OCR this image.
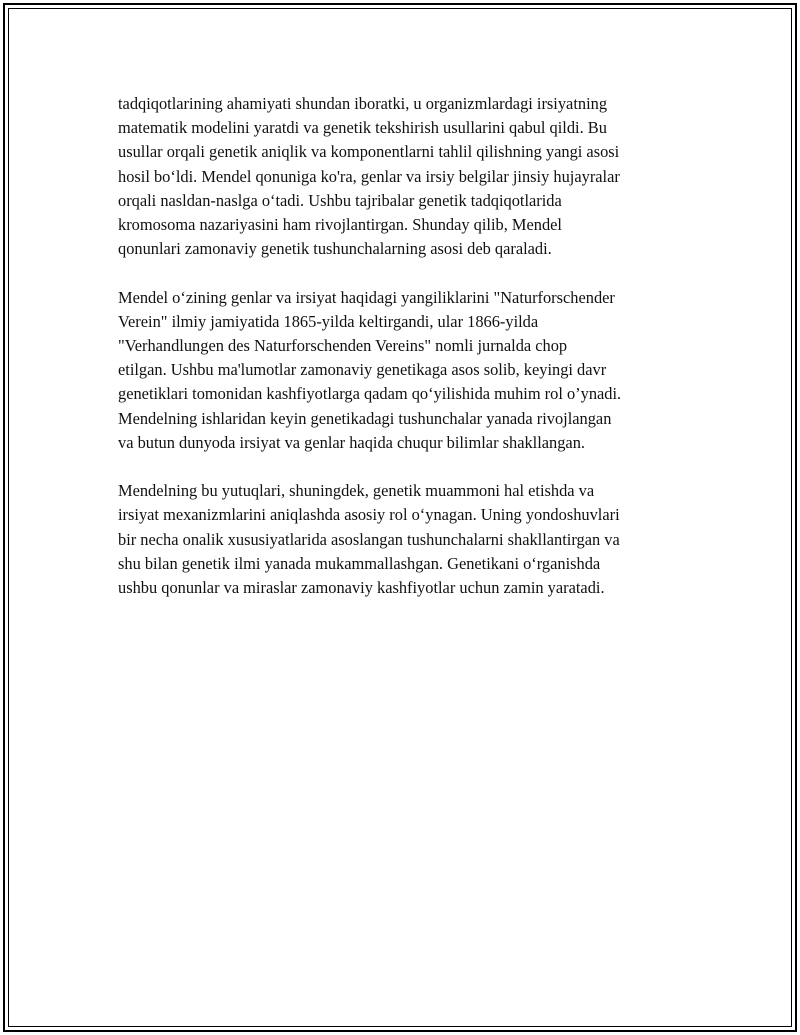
tadqiqotlarining ahamiyati shundan iboratki, u organizmlardagi irsiyatning
matematik modelini yaratdi va genetik tekshirish usullarini qabul qildi. Bu
usullar orqali genetik aniqlik va komponentlarni tahlil qilishning yangi asosi
hosil bo‘ldi. Mendel qonuniga ko'ra, genlar va irsiy belgilar jinsiy hujayralar
orqali nasldan-naslga o‘tadi. Ushbu tajribalar genetik tadqiqotlarida
kromosoma nazariyasini ham rivojlantirgan. Shunday qilib, Mendel
qonunlari zamonaviy genetik tushunchalarning asosi deb qaraladi.

Mendel o‘zining genlar va irsiyat haqidagi yangiliklarini "Naturforschender
Verein" ilmiy jamiyatida 1865-yilda keltirgandi, ular 1866-yilda
"Verhandlungen des Naturforschenden Vereins" nomli jurnalda chop
etilgan. Ushbu ma'lumotlar zamonaviy genetikaga asos solib, keyingi davr
genetiklari tomonidan kashfiyotlarga qadam qo‘yilishida muhim rol o’ynadi.
Mendelning ishlaridan keyin genetikadagi tushunchalar yanada rivojlangan
va butun dunyoda irsiyat va genlar haqida chuqur bilimlar shakllangan.

Mendelning bu yutuqlari, shuningdek, genetik muammoni hal etishda va
irsiyat mexanizmlarini aniqlashda asosiy rol o‘ynagan. Uning yondoshuvlari
bir necha onalik xususiyatlarida asoslangan tushunchalarni shakllantirgan va
shu bilan genetik ilmi yanada mukammallashgan. Genetikani o‘rganishda
ushbu qonunlar va miraslar zamonaviy kashfiyotlar uchun zamin yaratadi.
